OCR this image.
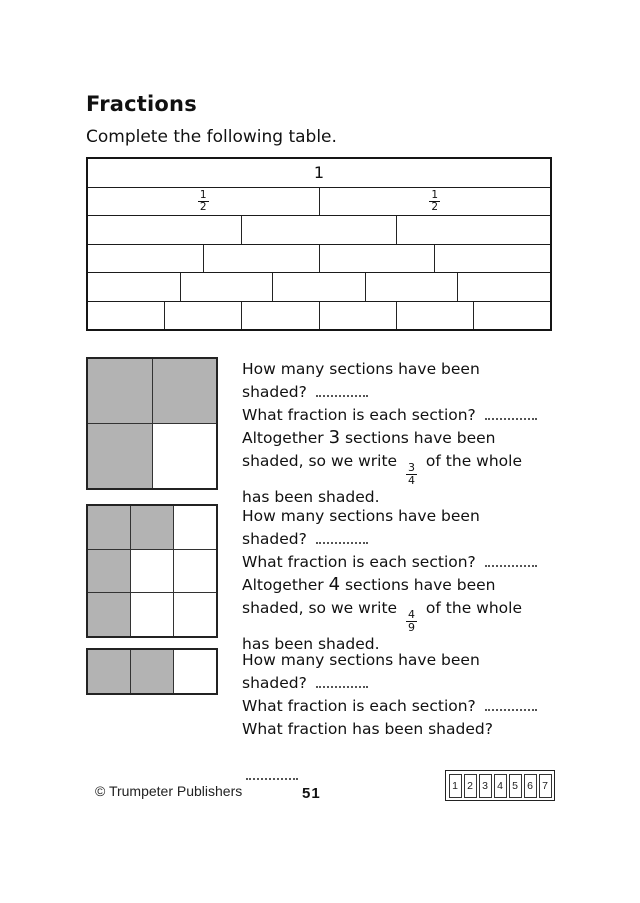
Fractions
Complete the following table.
1
$\frac{1}{2}$	$\frac{1}{2}$
How many sections have been
shaded?
What fraction is each section?
Altogether 3 sections have been
shaded, so we write
$\frac{3}{4}$
of the whole
has been shaded.
How many sections have been
shaded?
What fraction is each section?
Altogether 4 sections have been
shaded, so we write
$\frac{4}{9}$
of the whole
has been shaded.
How many sections have been
shaded?
What fraction is each section?
What fraction has been shaded?

© Trumpeter Publishers	51	1 2 3 4 5 6 7
